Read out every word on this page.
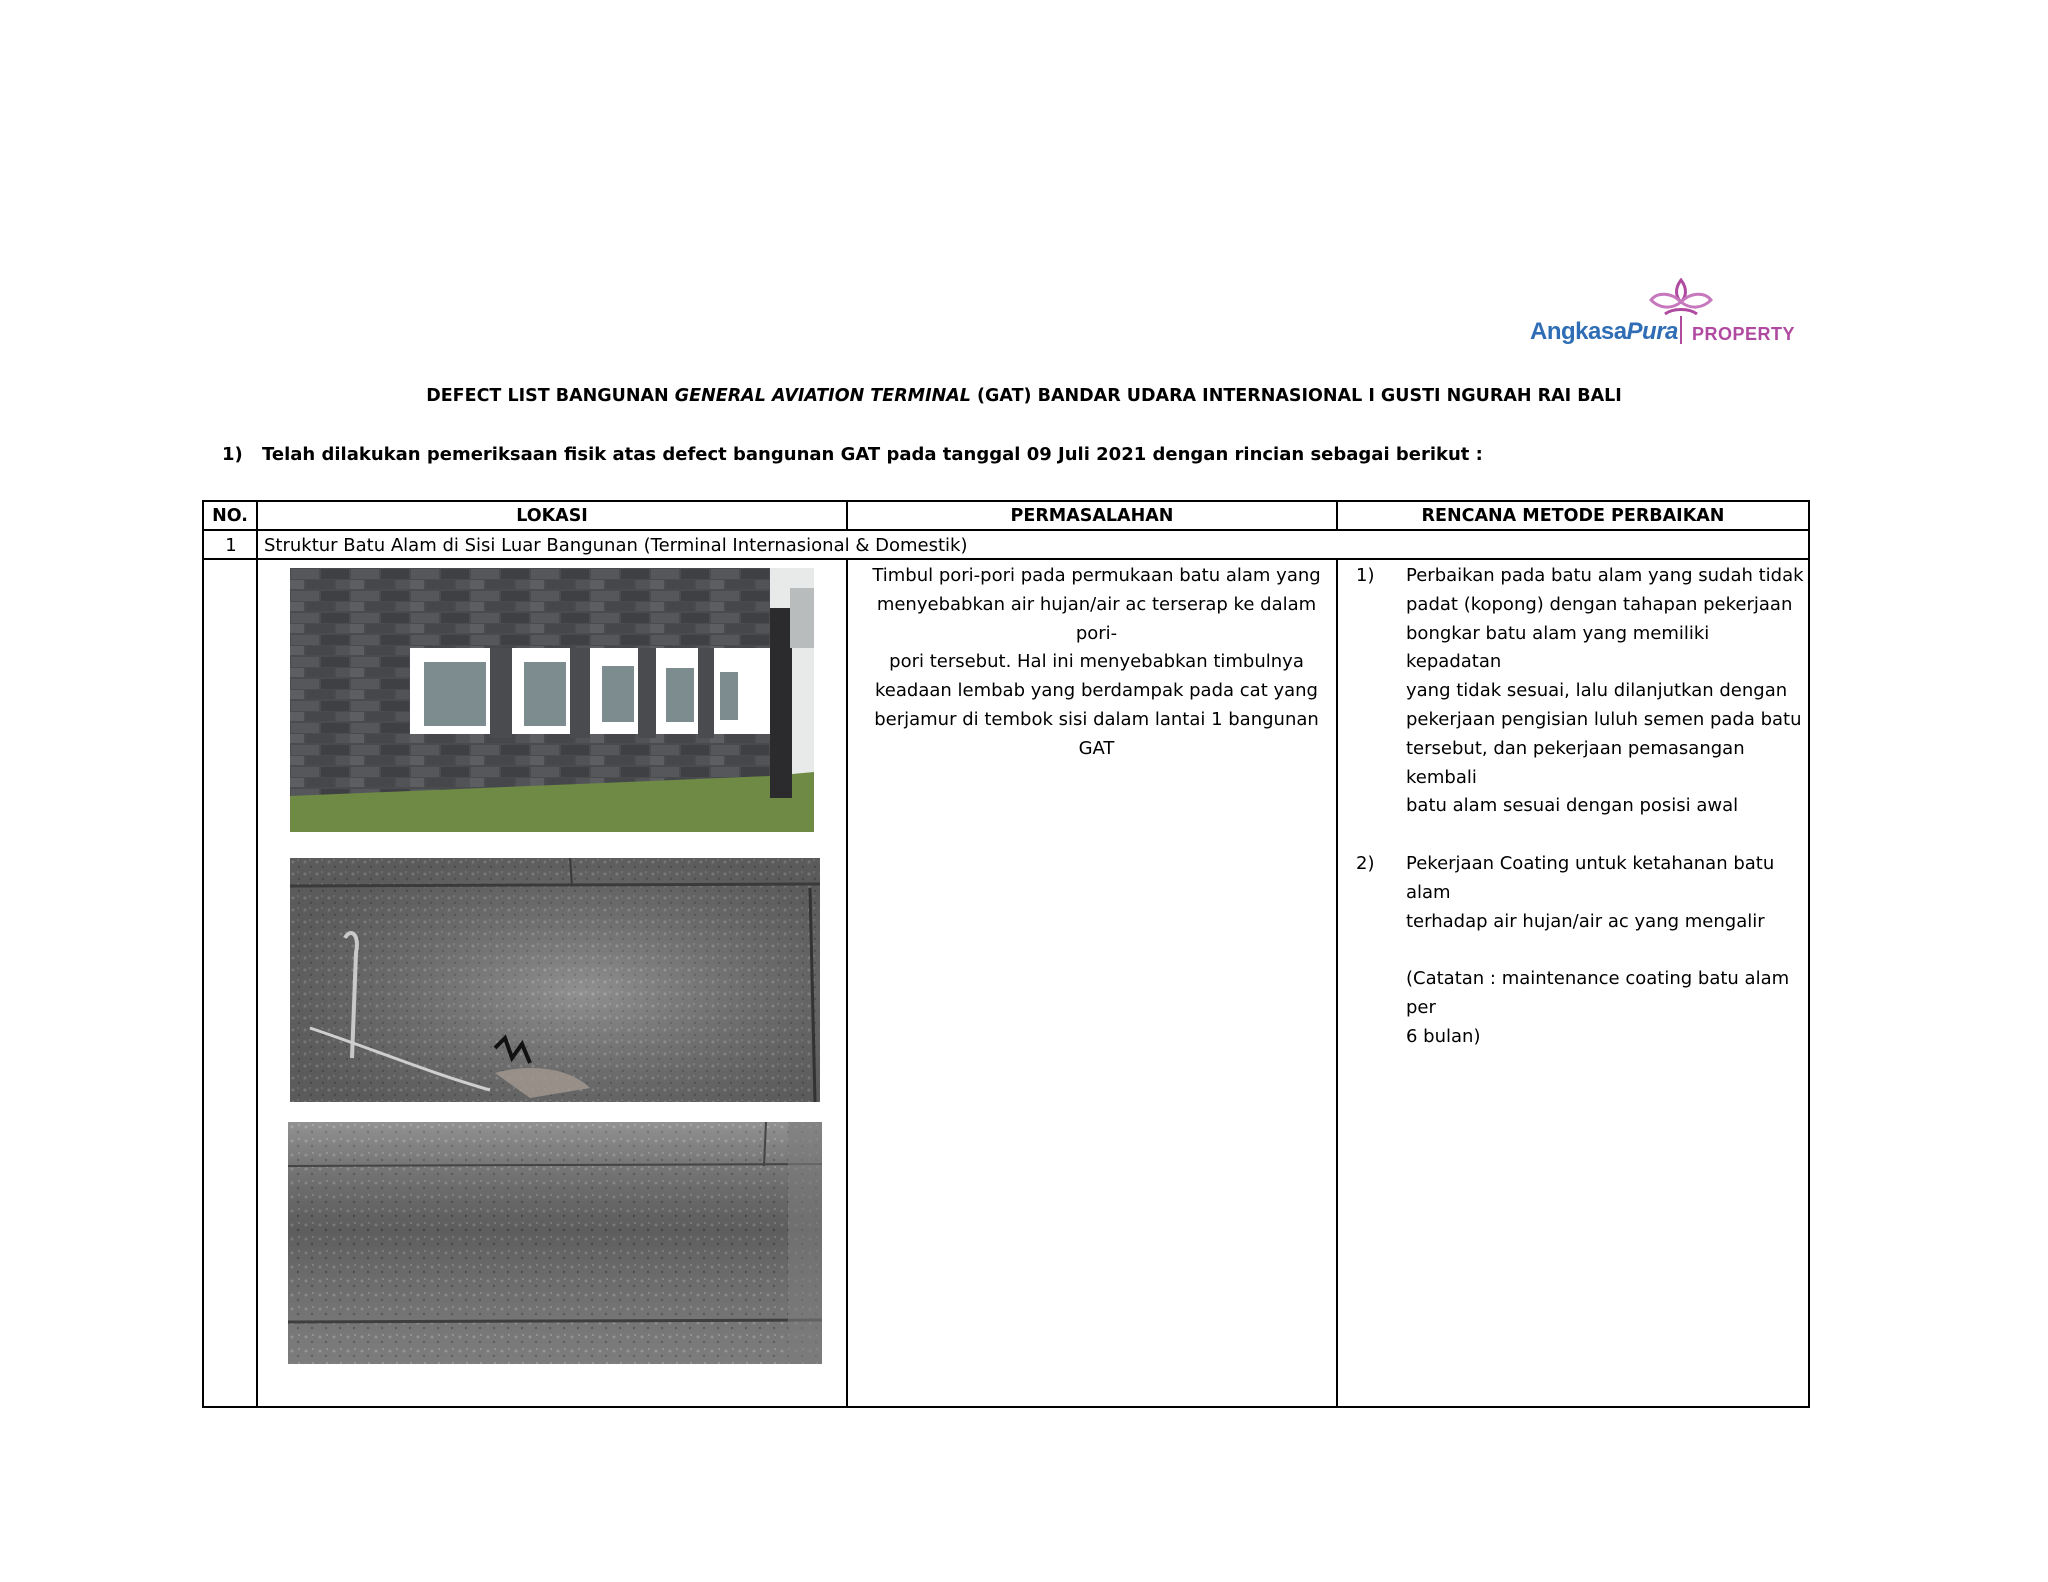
AngkasaPura PROPERTY
DEFECT LIST BANGUNAN GENERAL AVIATION TERMINAL (GAT) BANDAR UDARA INTERNASIONAL I GUSTI NGURAH RAI BALI
1) Telah dilakukan pemeriksaan fisik atas defect bangunan GAT pada tanggal 09 Juli 2021 dengan rincian sebagai berikut :
NO.	LOKASI	PERMASALAHAN	RENCANA METODE PERBAIKAN
1	Struktur Batu Alam di Sisi Luar Bangunan (Terminal Internasional & Domestik)
Timbul pori-pori pada permukaan batu alam yang
menyebabkan air hujan/air ac terserap ke dalam pori-
pori tersebut. Hal ini menyebabkan timbulnya
keadaan lembab yang berdampak pada cat yang
berjamur di tembok sisi dalam lantai 1 bangunan
GAT
1)	Perbaikan pada batu alam yang sudah tidak
padat (kopong) dengan tahapan pekerjaan
bongkar batu alam yang memiliki kepadatan
yang tidak sesuai, lalu dilanjutkan dengan
pekerjaan pengisian luluh semen pada batu
tersebut, dan pekerjaan pemasangan kembali
batu alam sesuai dengan posisi awal
2)	Pekerjaan Coating untuk ketahanan batu alam
terhadap air hujan/air ac yang mengalir
(Catatan : maintenance coating batu alam per
6 bulan)
